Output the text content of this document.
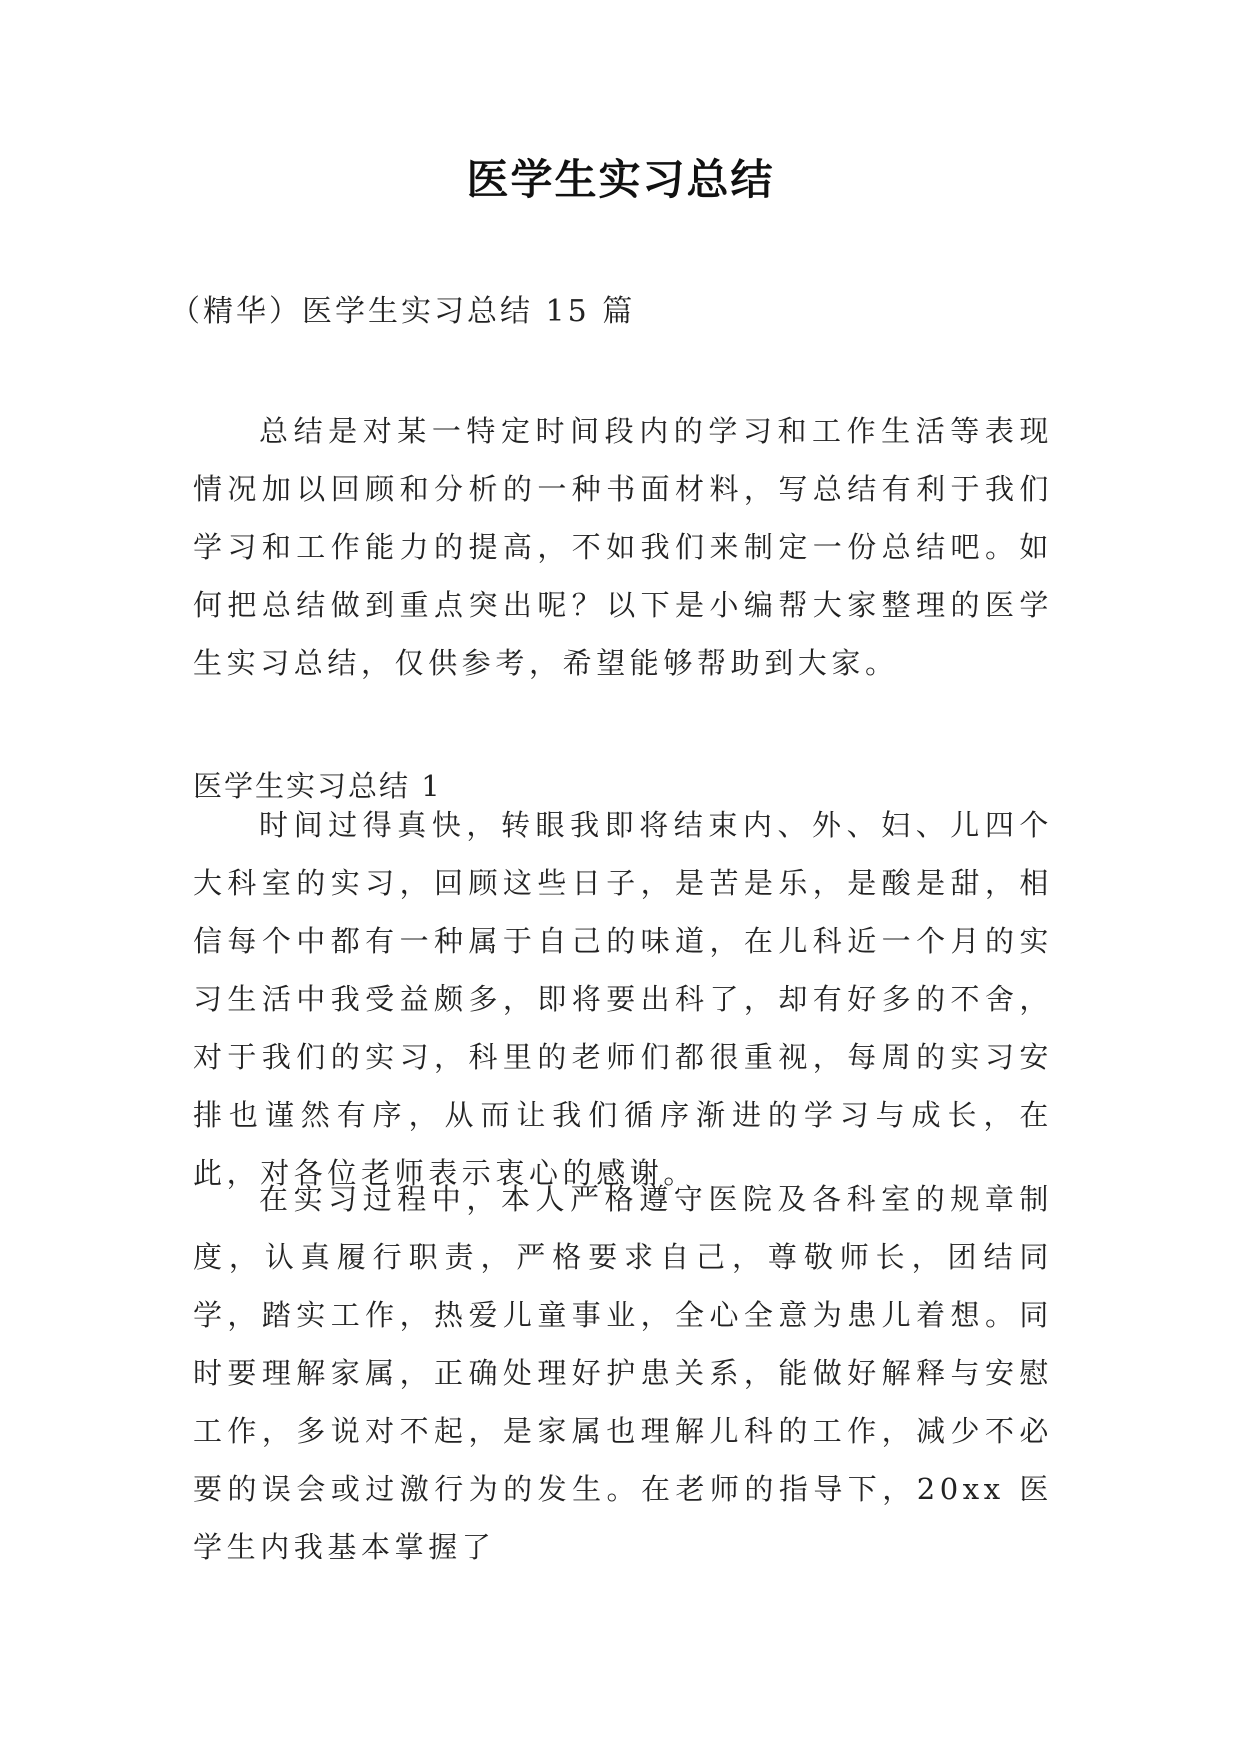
医学生实习总结
（精华）医学生实习总结 15 篇

总结是对某一特定时间段内的学习和工作生活等表现情况加以回顾和分析的一种书面材料，写总结有利于我们学习和工作能力的提高，不如我们来制定一份总结吧。如何把总结做到重点突出呢？以下是小编帮大家整理的医学生实习总结，仅供参考，希望能够帮助到大家。

医学生实习总结 1

时间过得真快，转眼我即将结束内、外、妇、儿四个大科室的实习，回顾这些日子，是苦是乐，是酸是甜，相信每个中都有一种属于自己的味道，在儿科近一个月的实习生活中我受益颇多，即将要出科了，却有好多的不舍，对于我们的实习，科里的老师们都很重视，每周的实习安排也谨然有序，从而让我们循序渐进的学习与成长，在此，对各位老师表示衷心的感谢。

在实习过程中，本人严格遵守医院及各科室的规章制度，认真履行职责，严格要求自己，尊敬师长，团结同学，踏实工作，热爱儿童事业，全心全意为患儿着想。同时要理解家属，正确处理好护患关系，能做好解释与安慰工作，多说对不起，是家属也理解儿科的工作，减少不必要的误会或过激行为的发生。在老师的指导下，20xx 医学生内我基本掌握了
